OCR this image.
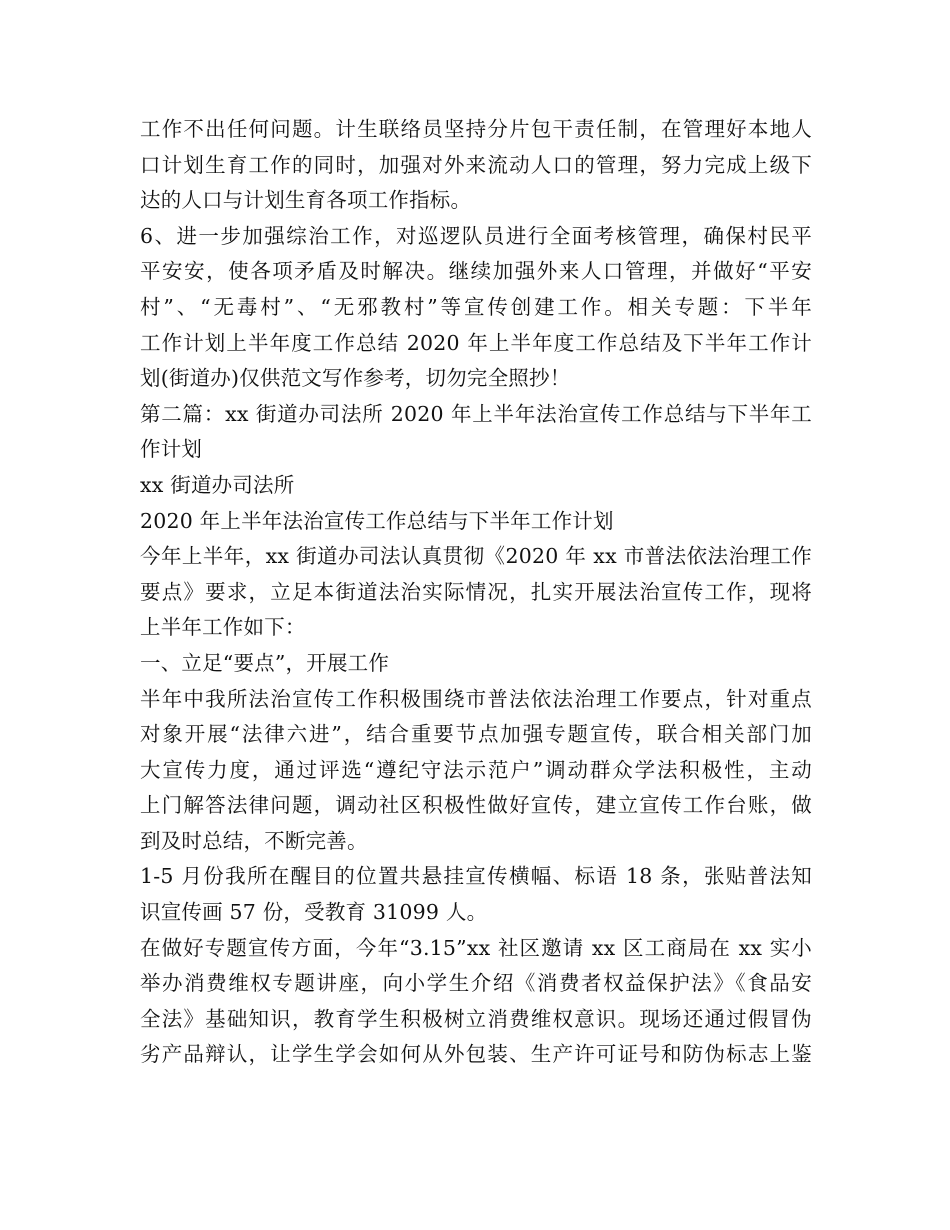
工作不出任何问题。计生联络员坚持分片包干责任制，在管理好本地人
口计划生育工作的同时，加强对外来流动人口的管理，努力完成上级下
达的人口与计划生育各项工作指标。
6、进一步加强综治工作，对巡逻队员进行全面考核管理，确保村民平
平安安，使各项矛盾及时解决。继续加强外来人口管理，并做好“平安
村”、“无毒村”、“无邪教村”等宣传创建工作。相关专题：下半年
工作计划上半年度工作总结 2020 年上半年度工作总结及下半年工作计
划(街道办)仅供范文写作参考，切勿完全照抄！
第二篇：xx 街道办司法所 2020 年上半年法治宣传工作总结与下半年工
作计划
xx 街道办司法所
2020 年上半年法治宣传工作总结与下半年工作计划
今年上半年，xx 街道办司法认真贯彻《2020 年 xx 市普法依法治理工作
要点》要求，立足本街道法治实际情况，扎实开展法治宣传工作，现将
上半年工作如下：
一、立足“要点”，开展工作
半年中我所法治宣传工作积极围绕市普法依法治理工作要点，针对重点
对象开展“法律六进”，结合重要节点加强专题宣传，联合相关部门加
大宣传力度，通过评选“遵纪守法示范户”调动群众学法积极性，主动
上门解答法律问题，调动社区积极性做好宣传，建立宣传工作台账，做
到及时总结，不断完善。
1-5 月份我所在醒目的位置共悬挂宣传横幅、标语 18 条，张贴普法知
识宣传画 57 份，受教育 31099 人。
在做好专题宣传方面，今年“3.15”xx 社区邀请 xx 区工商局在 xx 实小
举办消费维权专题讲座，向小学生介绍《消费者权益保护法》《食品安
全法》基础知识，教育学生积极树立消费维权意识。现场还通过假冒伪
劣产品辩认，让学生学会如何从外包装、生产许可证号和防伪标志上鉴
